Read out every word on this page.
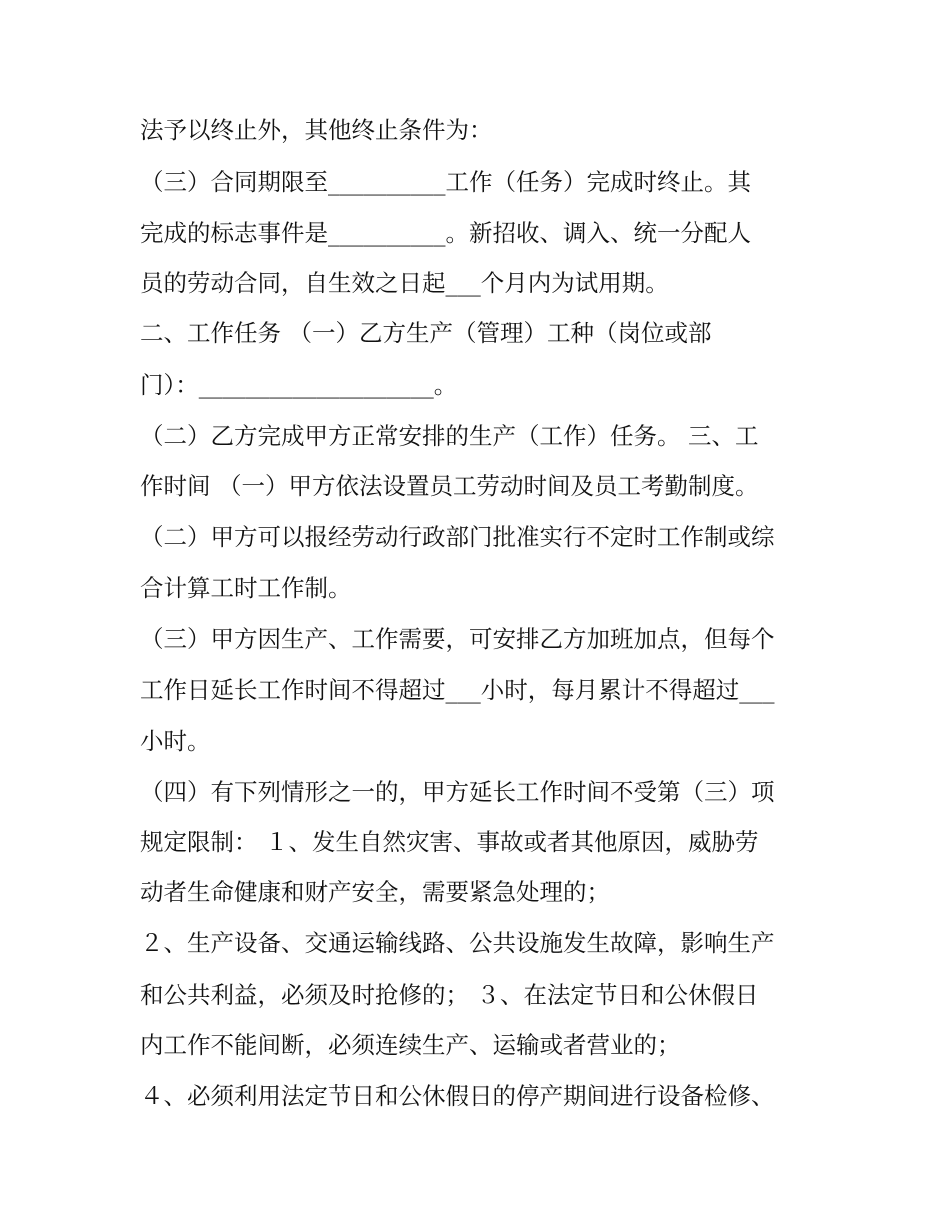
法予以终止外，其他终止条件为：

（三）合同期限至__________工作（任务）完成时终止。其

完成的标志事件是__________。新招收、调入、统一分配人

员的劳动合同，自生效之日起___个月内为试用期。

二、工作任务 （一）乙方生产（管理）工种（岗位或部

门）：____________________。

（二）乙方完成甲方正常安排的生产（工作）任务。 三、工

作时间 （一）甲方依法设置员工劳动时间及员工考勤制度。

（二）甲方可以报经劳动行政部门批准实行不定时工作制或综

合计算工时工作制。

（三）甲方因生产、工作需要，可安排乙方加班加点，但每个

工作日延长工作时间不得超过___小时，每月累计不得超过___

小时。

（四）有下列情形之一的，甲方延长工作时间不受第（三）项

规定限制： １、发生自然灾害、事故或者其他原因，威胁劳

动者生命健康和财产安全，需要紧急处理的；

２、生产设备、交通运输线路、公共设施发生故障，影响生产

和公共利益，必须及时抢修的； ３、在法定节日和公休假日

内工作不能间断，必须连续生产、运输或者营业的；

４、必须利用法定节日和公休假日的停产期间进行设备检修、
